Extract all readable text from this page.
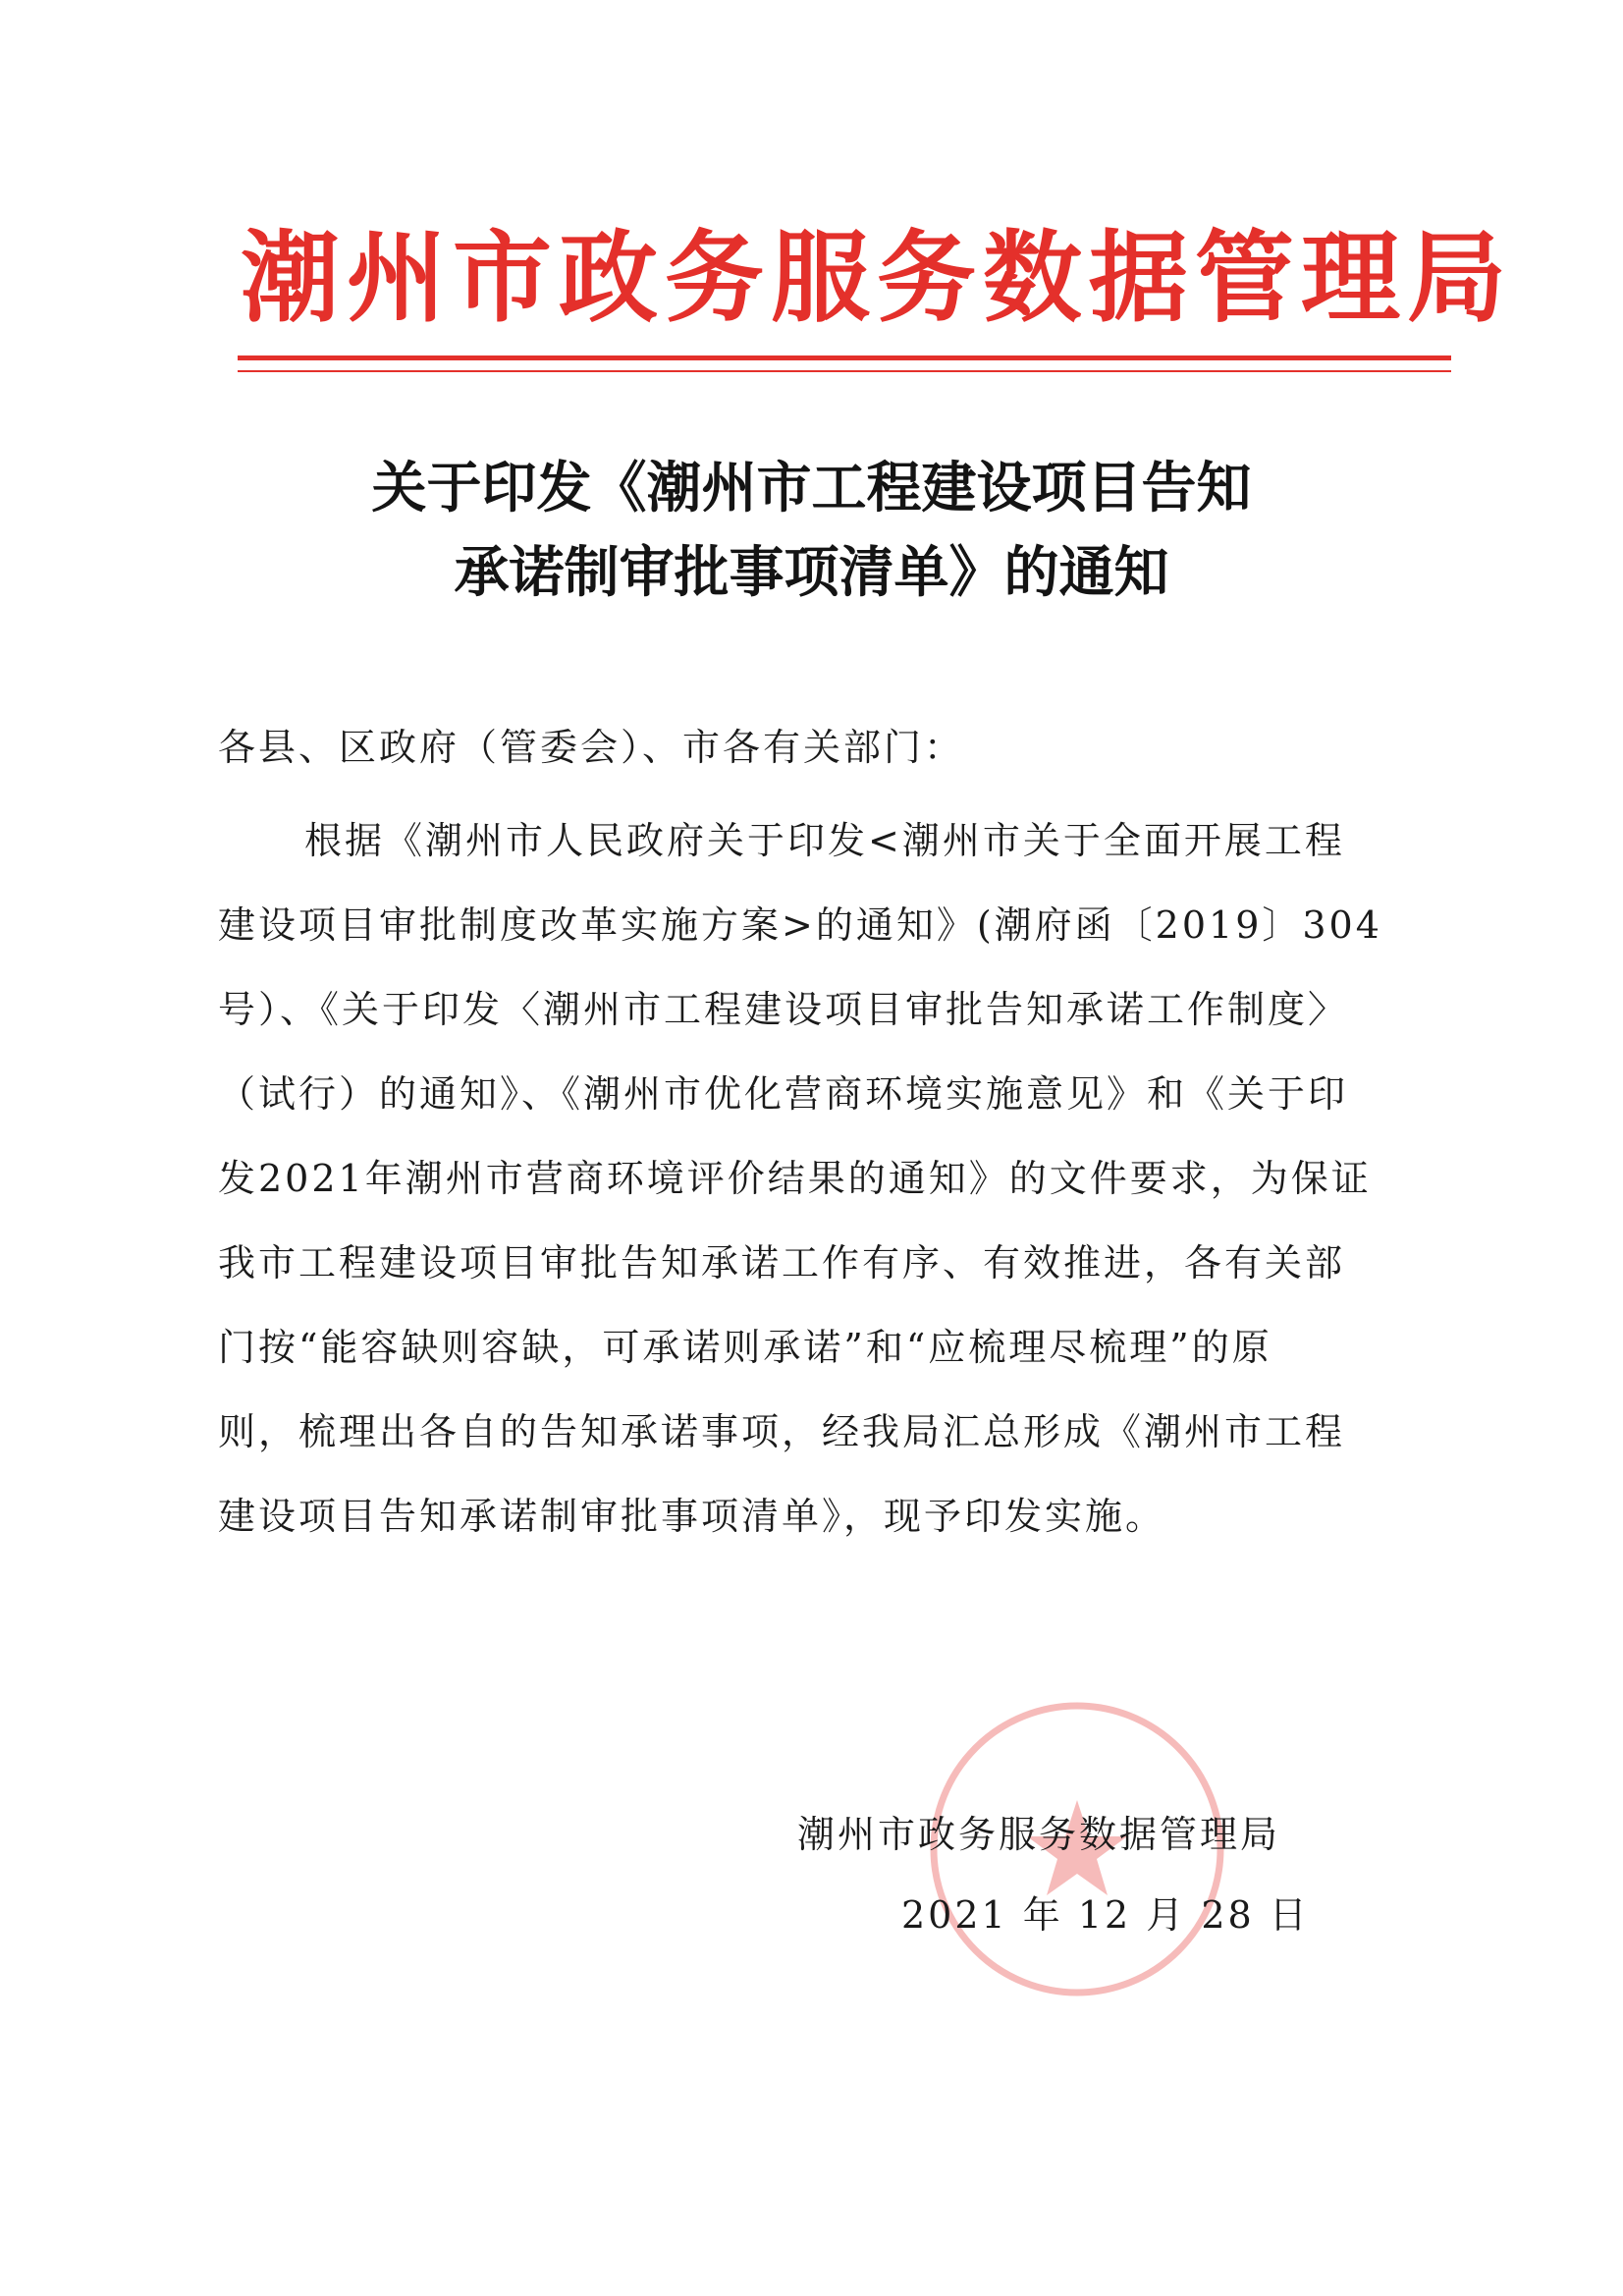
潮州市政务服务数据管理局
关于印发《潮州市工程建设项目告知
承诺制审批事项清单》的通知
各县、区政府（管委会）、市各有关部门：
根据《潮州市人民政府关于印发<潮州市关于全面开展工程
建设项目审批制度改革实施方案>的通知》(潮府函〔2019〕304
号）、《关于印发〈潮州市工程建设项目审批告知承诺工作制度〉
（试行）的通知》、《潮州市优化营商环境实施意见》和《关于印
发2021年潮州市营商环境评价结果的通知》的文件要求，为保证
我市工程建设项目审批告知承诺工作有序、有效推进，各有关部
门按“能容缺则容缺，可承诺则承诺”和“应梳理尽梳理”的原
则，梳理出各自的告知承诺事项，经我局汇总形成《潮州市工程
建设项目告知承诺制审批事项清单》，现予印发实施。
潮州市政务服务数据管理局
2021 年 12 月 28 日
